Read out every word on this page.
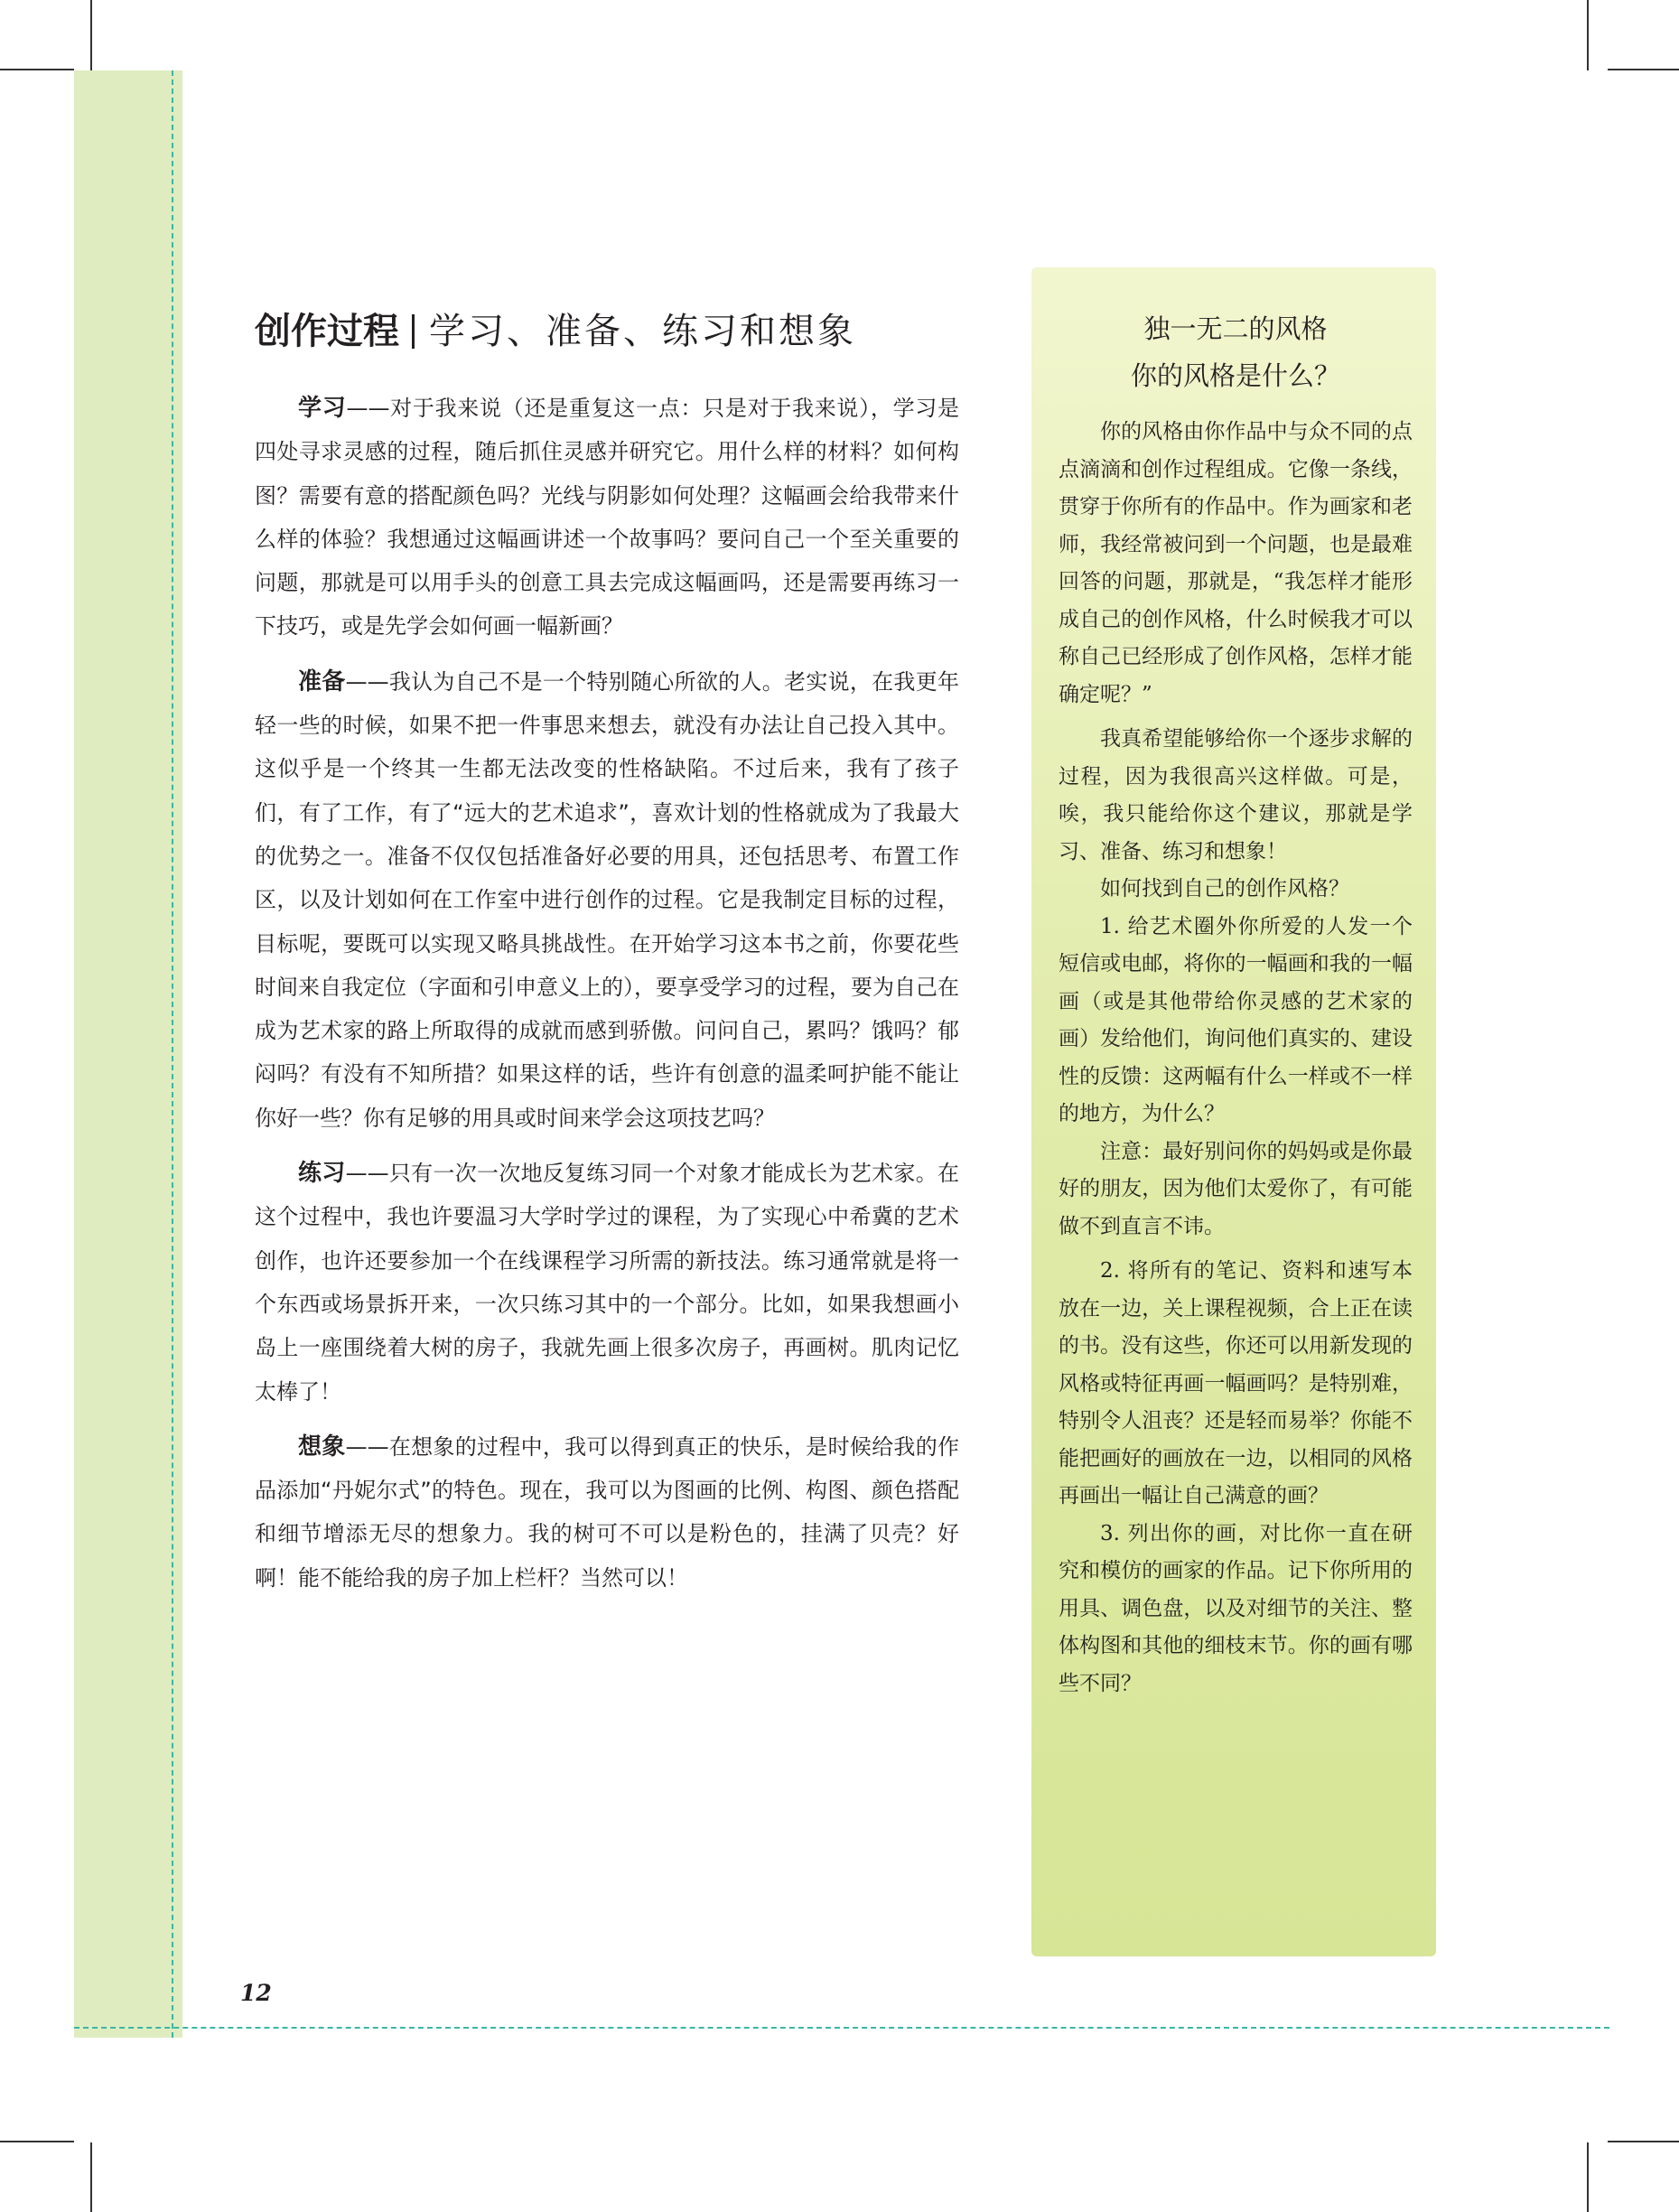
创作过程 学习、准备、练习和想象

学习——对于我来说（还是重复这一点：只是对于我来说），学习是四处寻求灵感的过程，随后抓住灵感并研究它。用什么样的材料？如何构图？需要有意的搭配颜色吗？光线与阴影如何处理？这幅画会给我带来什么样的体验？我想通过这幅画讲述一个故事吗？要问自己一个至关重要的问题，那就是可以用手头的创意工具去完成这幅画吗，还是需要再练习一下技巧，或是先学会如何画一幅新画？

准备——我认为自己不是一个特别随心所欲的人。老实说，在我更年轻一些的时候，如果不把一件事思来想去，就没有办法让自己投入其中。这似乎是一个终其一生都无法改变的性格缺陷。不过后来，我有了孩子们，有了工作，有了“远大的艺术追求”，喜欢计划的性格就成为了我最大的优势之一。准备不仅仅包括准备好必要的用具，还包括思考、布置工作区，以及计划如何在工作室中进行创作的过程。它是我制定目标的过程，目标呢，要既可以实现又略具挑战性。在开始学习这本书之前，你要花些时间来自我定位（字面和引申意义上的），要享受学习的过程，要为自己在成为艺术家的路上所取得的成就而感到骄傲。问问自己，累吗？饿吗？郁闷吗？有没有不知所措？如果这样的话，些许有创意的温柔呵护能不能让你好一些？你有足够的用具或时间来学会这项技艺吗？

练习——只有一次一次地反复练习同一个对象才能成长为艺术家。在这个过程中，我也许要温习大学时学过的课程，为了实现心中希冀的艺术创作，也许还要参加一个在线课程学习所需的新技法。练习通常就是将一个东西或场景拆开来，一次只练习其中的一个部分。比如，如果我想画小岛上一座围绕着大树的房子，我就先画上很多次房子，再画树。肌肉记忆太棒了！

想象——在想象的过程中，我可以得到真正的快乐，是时候给我的作品添加“丹妮尔式”的特色。现在，我可以为图画的比例、构图、颜色搭配和细节增添无尽的想象力。我的树可不可以是粉色的，挂满了贝壳？好啊！能不能给我的房子加上栏杆？当然可以！

独一无二的风格

你的风格是什么？

你的风格由你作品中与众不同的点点滴滴和创作过程组成。它像一条线，贯穿于你所有的作品中。作为画家和老师，我经常被问到一个问题，也是最难回答的问题，那就是，“我怎样才能形成自己的创作风格，什么时候我才可以称自己已经形成了创作风格，怎样才能确定呢？”

我真希望能够给你一个逐步求解的过程，因为我很高兴这样做。可是，唉，我只能给你这个建议，那就是学习、准备、练习和想象！

如何找到自己的创作风格？

1. 给艺术圈外你所爱的人发一个短信或电邮，将你的一幅画和我的一幅画（或是其他带给你灵感的艺术家的画）发给他们，询问他们真实的、建设性的反馈：这两幅有什么一样或不一样的地方，为什么？

注意：最好别问你的妈妈或是你最好的朋友，因为他们太爱你了，有可能做不到直言不讳。

2. 将所有的笔记、资料和速写本放在一边，关上课程视频，合上正在读的书。没有这些，你还可以用新发现的风格或特征再画一幅画吗？是特别难，特别令人沮丧？还是轻而易举？你能不能把画好的画放在一边，以相同的风格再画出一幅让自己满意的画？

3. 列出你的画，对比你一直在研究和模仿的画家的作品。记下你所用的用具、调色盘，以及对细节的关注、整体构图和其他的细枝末节。你的画有哪些不同？

12
